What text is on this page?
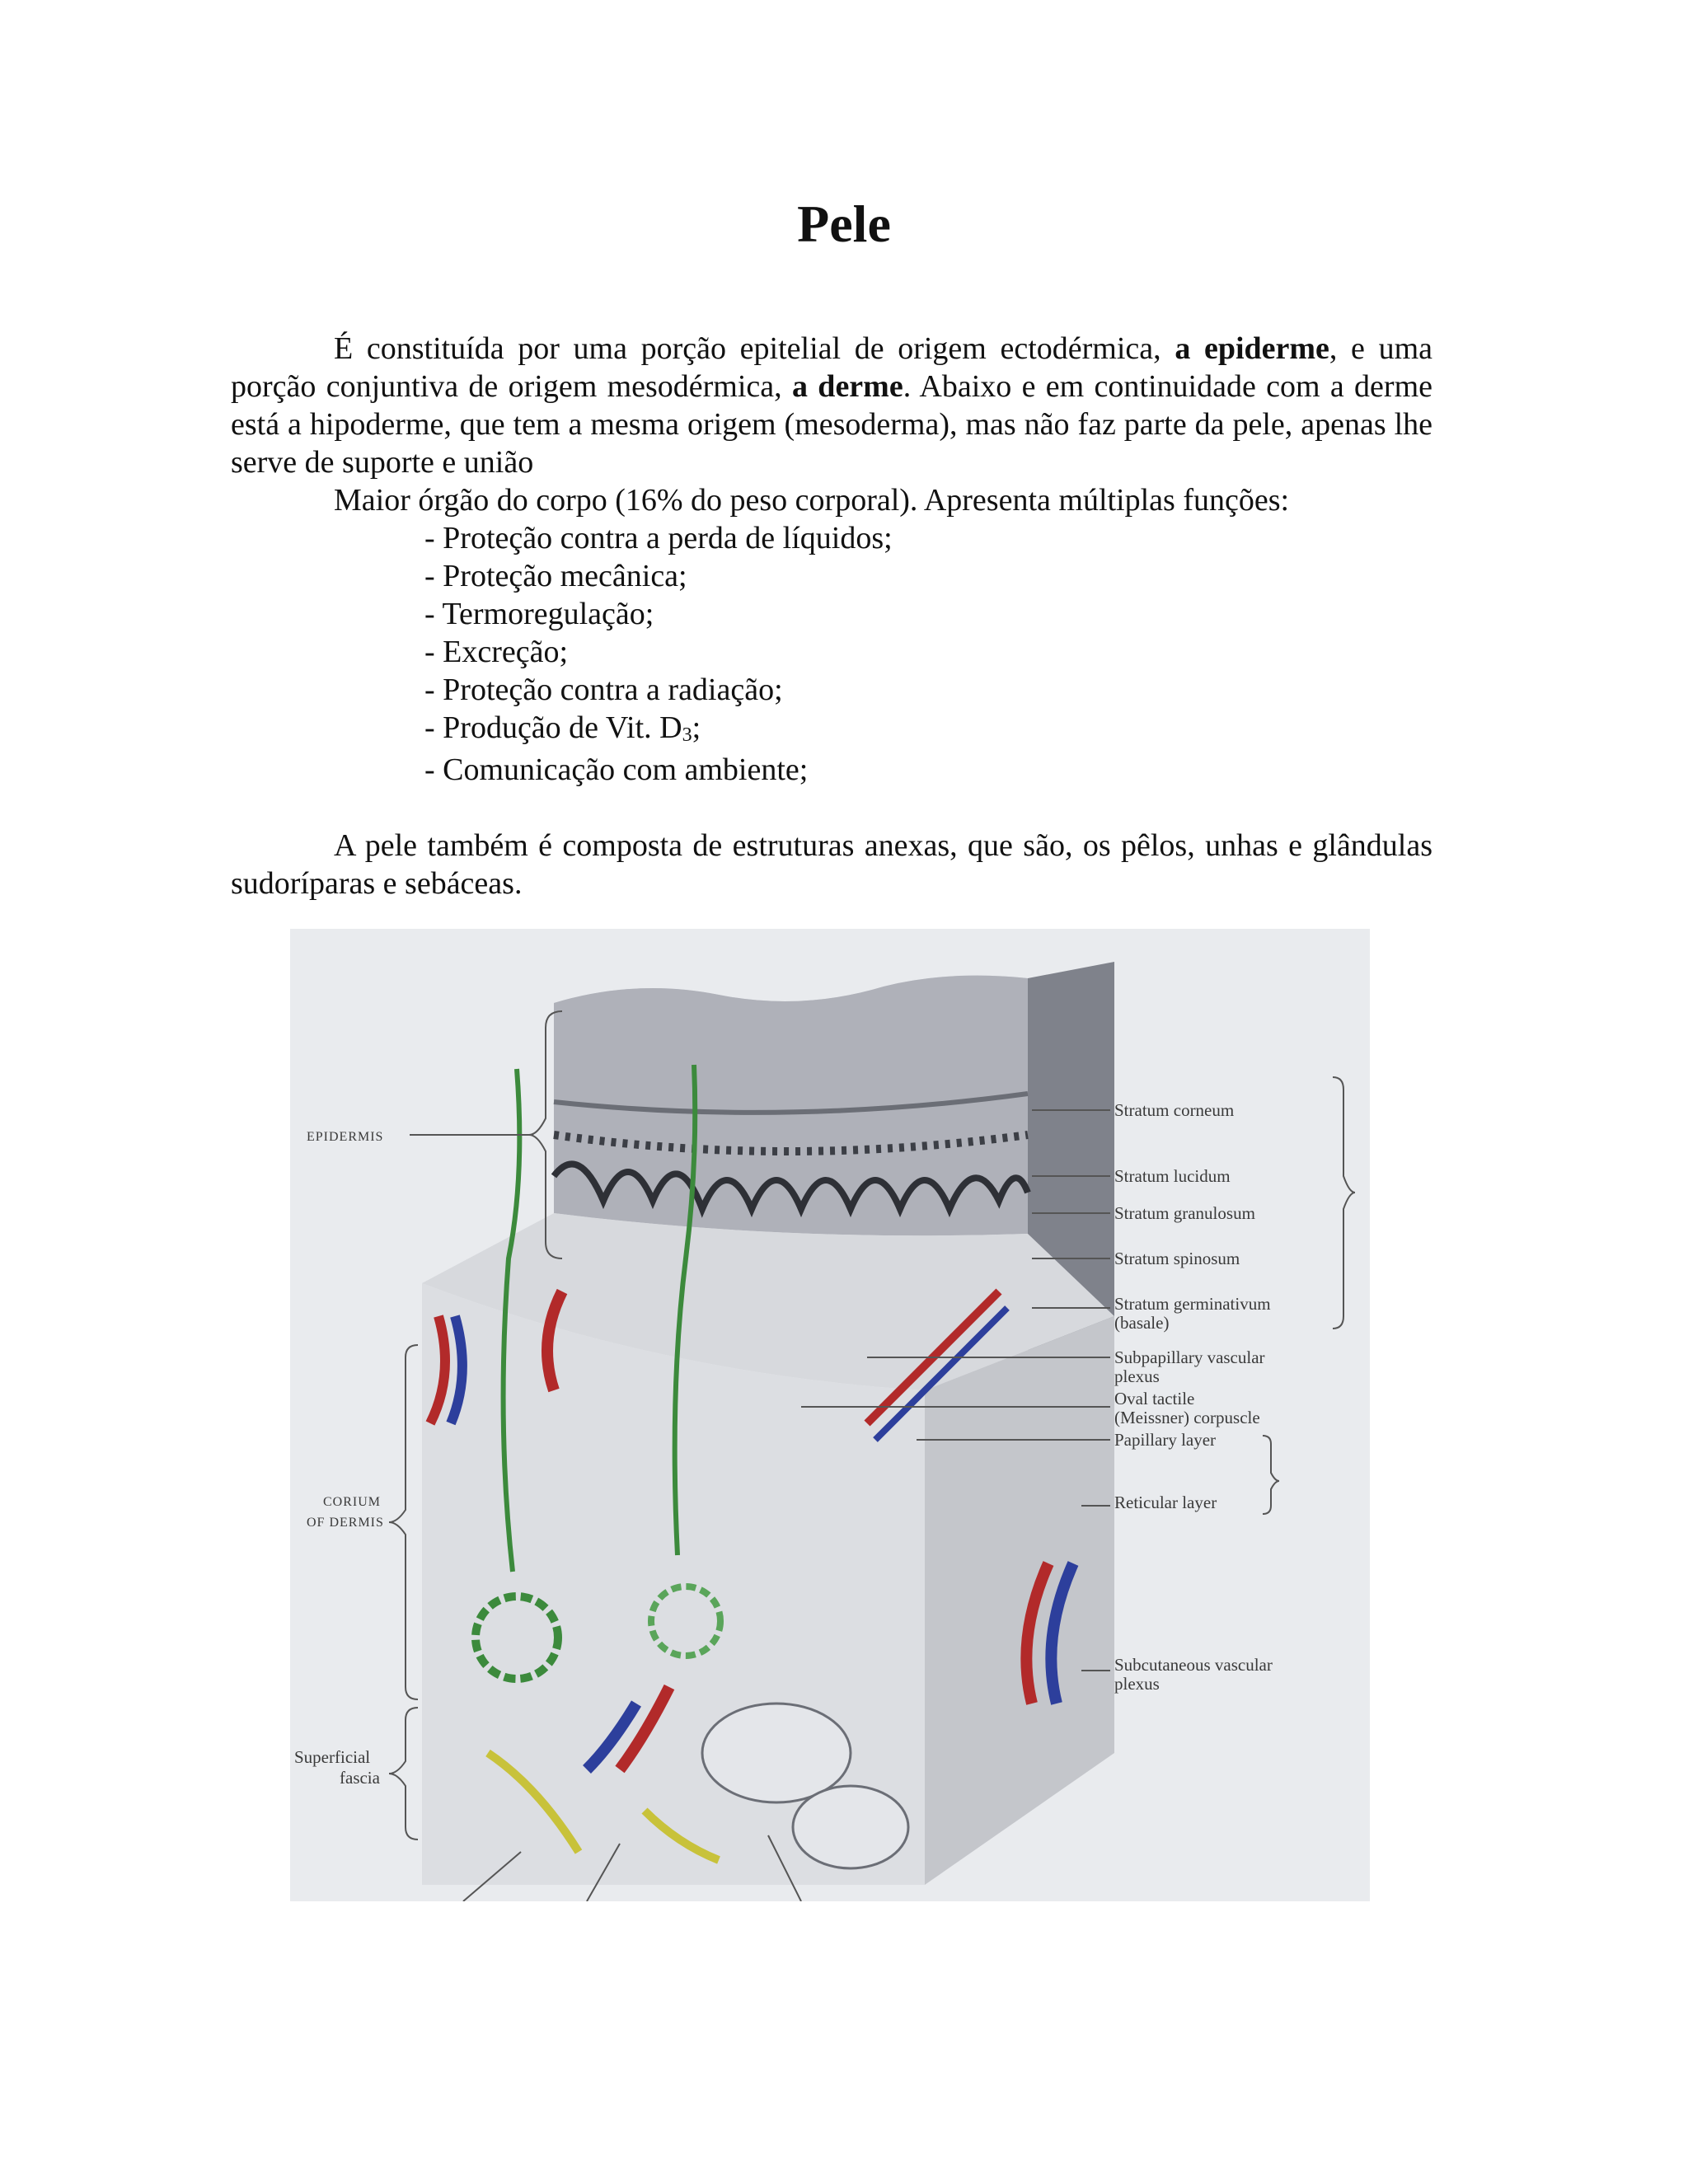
Pele

É constituída por uma porção epitelial de origem ectodérmica, a epiderme, e uma porção conjuntiva de origem mesodérmica, a derme. Abaixo e em continuidade com a derme está a hipoderme, que tem a mesma origem (mesoderma), mas não faz parte da pele, apenas lhe serve de suporte e união

Maior órgão do corpo (16% do peso corporal). Apresenta múltiplas funções:

- Proteção contra a perda de líquidos;
- Proteção mecânica;
- Termoregulação;
- Excreção;
- Proteção contra a radiação;
- Produção de Vit. $D_3$;
- Comunicação com ambiente;

A pele também é composta de estruturas anexas, que são, os pêlos, unhas e glândulas sudoríparas e sebáceas.

EPIDERMIS
CORIUM
OF DERMIS
Superficial
fascia
Stratum corneum
Stratum lucidum
Stratum granulosum
Stratum spinosum
Stratum germinativum
(basale)
Subpapillary vascular
plexus
Oval tactile
(Meissner) corpuscle
Papillary layer
Reticular layer
Subcutaneous vascular
plexus
